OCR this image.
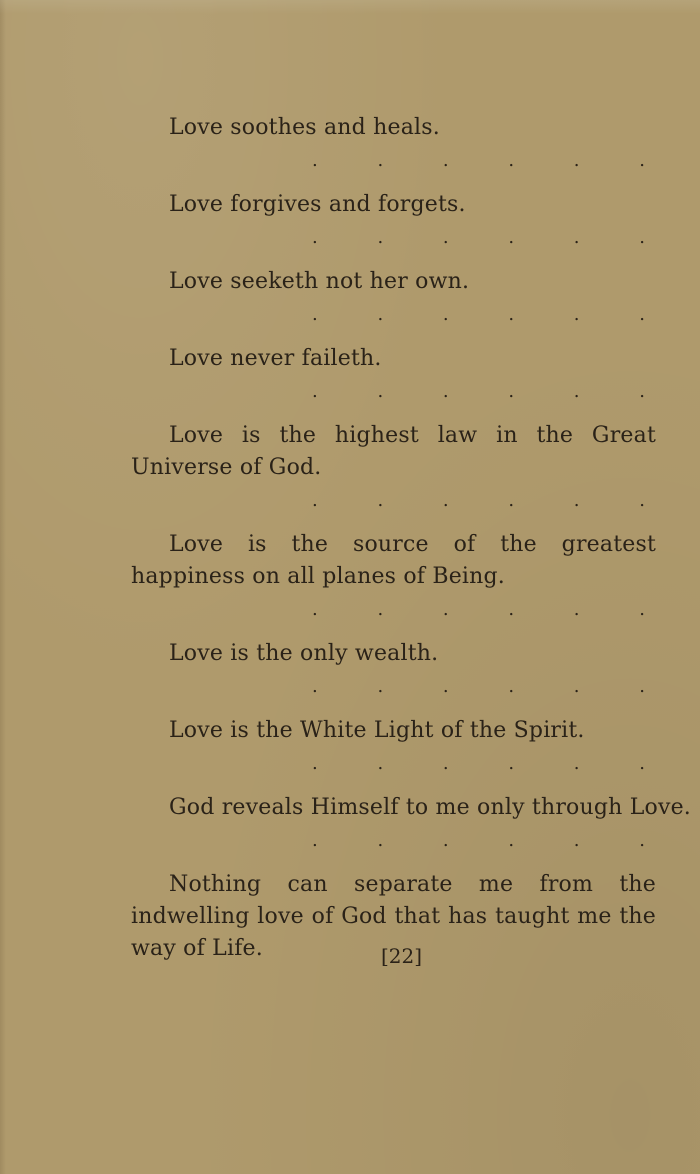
Love soothes and heals.

. . . . . .

Love forgives and forgets.

. . . . . .

Love seeketh not her own.

. . . . . .

Love never faileth.

. . . . . .

Love is the highest law in the Great Universe of God.

. . . . . .

Love is the source of the greatest happiness on all planes of Being.

. . . . . .

Love is the only wealth.

. . . . . .

Love is the White Light of the Spirit.

. . . . . .

God reveals Himself to me only through Love.

. . . . . .

Nothing can separate me from the indwelling love of God that has taught me the way of Life.	[22]
